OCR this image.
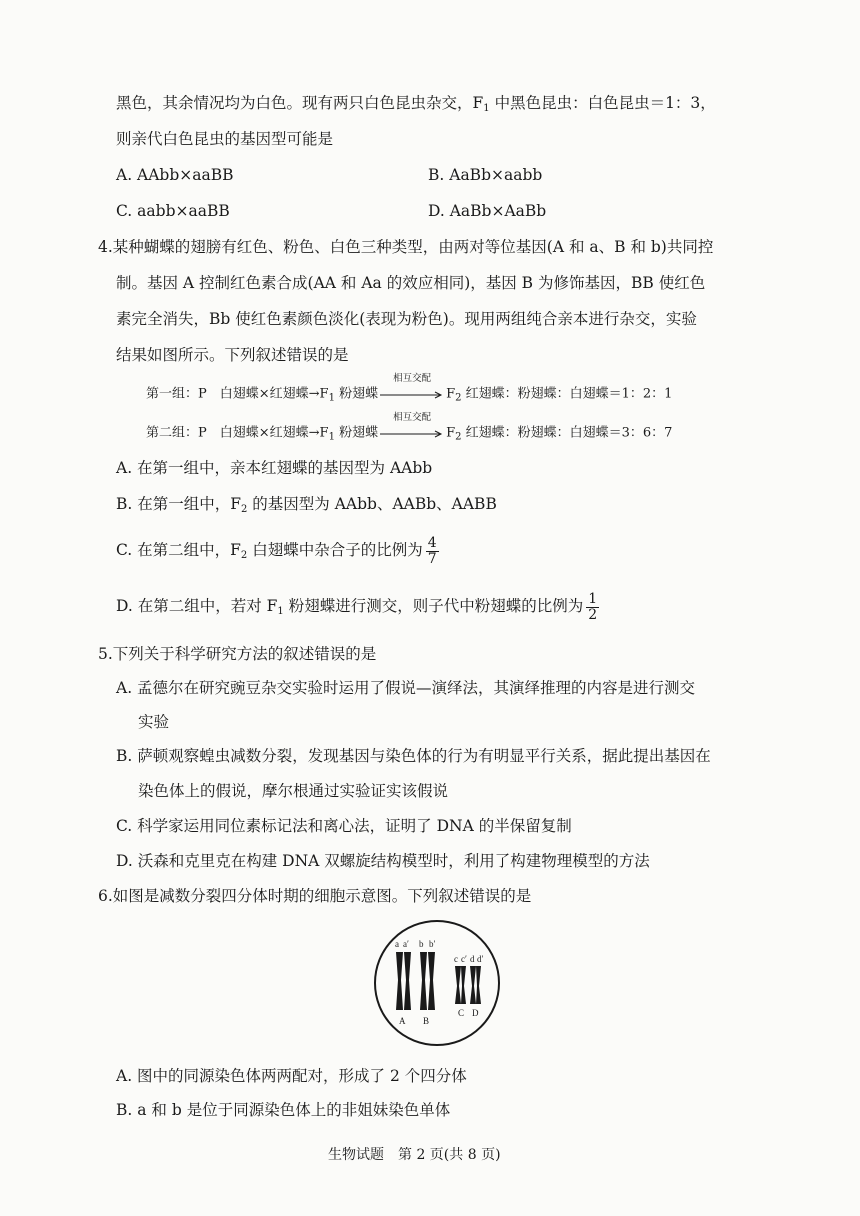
黑色，其余情况均为白色。现有两只白色昆虫杂交，$F_1$ 中黑色昆虫：白色昆虫＝1：3，
则亲代白色昆虫的基因型可能是
A. AAbb×aaBB	B. AaBb×aabb
C. aabb×aaBB	D. AaBb×AaBb
4.某种蝴蝶的翅膀有红色、粉色、白色三种类型，由两对等位基因(A 和 a、B 和 b)共同控
制。基因 A 控制红色素合成(AA 和 Aa 的效应相同)，基因 B 为修饰基因，BB 使红色
素完全消失，Bb 使红色素颜色淡化(表现为粉色)。现用两组纯合亲本进行杂交，实验
结果如图所示。下列叙述错误的是
第一组：P　白翅蝶×红翅蝶$\to F_1$ 粉翅蝶
相互交配
$F_2$ 红翅蝶：粉翅蝶：白翅蝶＝1：2：1
第二组：P　白翅蝶×红翅蝶$\to F_1$ 粉翅蝶
相互交配
$F_2$ 红翅蝶：粉翅蝶：白翅蝶＝3：6：7
A. 在第一组中，亲本红翅蝶的基因型为 AAbb
B. 在第一组中，$F_2$ 的基因型为 AAbb、AABb、AABB
C. 在第二组中，$F_2$ 白翅蝶中杂合子的比例为 $\frac{4}{7}$
D. 在第二组中，若对 $F_1$ 粉翅蝶进行测交，则子代中粉翅蝶的比例为 $\frac{1}{2}$
5.下列关于科学研究方法的叙述错误的是
A. 孟德尔在研究豌豆杂交实验时运用了假说—演绎法，其演绎推理的内容是进行测交
实验
B. 萨顿观察蝗虫减数分裂，发现基因与染色体的行为有明显平行关系，据此提出基因在
染色体上的假说，摩尔根通过实验证实该假说
C. 科学家运用同位素标记法和离心法，证明了 DNA 的半保留复制
D. 沃森和克里克在构建 DNA 双螺旋结构模型时，利用了构建物理模型的方法
6.如图是减数分裂四分体时期的细胞示意图。下列叙述错误的是
a a′ b b′
c c′ d d′
A B
C D
A. 图中的同源染色体两两配对，形成了 2 个四分体
B. a 和 b 是位于同源染色体上的非姐妹染色单体
生物试题　第 2 页(共 8 页)
